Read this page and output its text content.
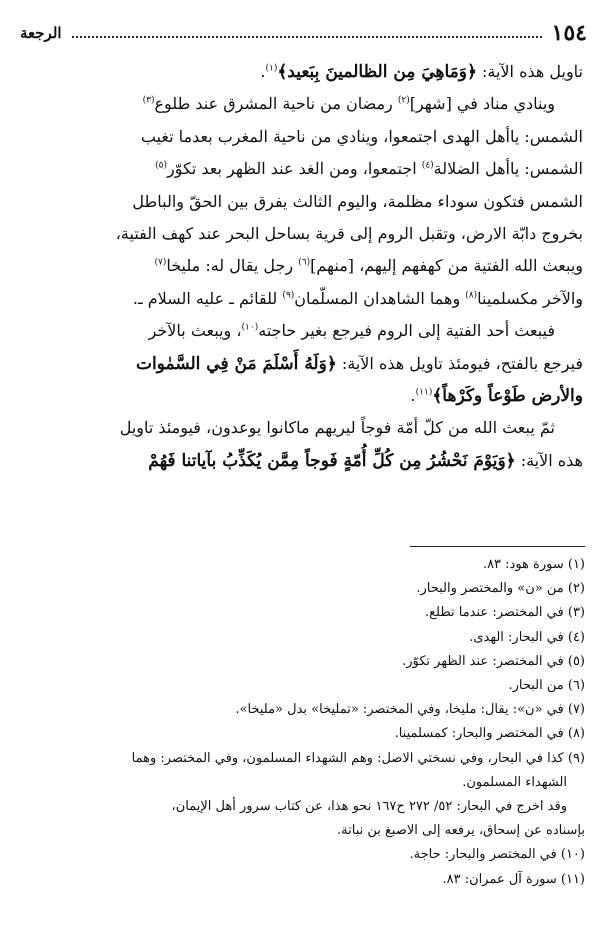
١٥٤
الرجعة

تاويل هذه الآية: ﴿وَمَاهِيَ مِن الظالمينَ بِبَعيد﴾$^{(١)}$.

وينادي مناد في [شهر]$^{(٢)}$ رمضان من ناحية المشرق عند طلوع$^{(٣)}$

الشمس: ياأهل الهدى اجتمعوا، وينادي من ناحية المغرب بعدما تغيب

الشمس: ياأهل الضلالة$^{(٤)}$ اجتمعوا، ومن الغد عند الظهر بعد تكوّر$^{(٥)}$

الشمس فتكون سوداء مظلمة، واليوم الثالث يفرق بين الحقّ والباطل

بخروج دابّة الارض، وتقبل الروم إلى قرية بساحل البحر عند كهف الفتية،

ويبعث الله الفتية من كهفهم إليهم، [منهم]$^{(٦)}$ رجل يقال له: مليخا$^{(٧)}$

والآخر مكسلمينا$^{(٨)}$ وهما الشاهدان المسلّمان$^{(٩)}$ للقائم ـ عليه السلام ـ.

فيبعث أحد الفتية إلى الروم فيرجع بغير حاجته$^{(١٠)}$، ويبعث بالآخر

فيرجع بالفتح، فيومئذ تاويل هذه الآية: ﴿وَلَهُ أَسْلَمَ مَنْ فِي السَّمٰوات

والأرض طَوْعاً وكَرْهاً﴾$^{(١١)}$.

ثمّ يبعث الله من كلّ أمّة فوجاً ليريهم ماكانوا يوعدون، فيومئذ تاويل

هذه الآية: ﴿وَيَوْمَ نَحْشُرُ مِن كُلِّ أُمّةٍ فَوجاً مِمَّن يُكَذِّبُ بآياتنا فَهُمْ

(١) سورة هود: ٨٣.

(٢) من «ن» والمختصر والبحار.

(٣) في المختصر: عندما تطلع.

(٤) في البحار: الهدى.

(٥) في المختصر: عند الظهر تكوّر.

(٦) من البحار.

(٧) في «ن»: يقال: مليخا، وفي المختصر: «تمليخا» بدل «مليخا».

(٨) في المختصر والبحار: كمسلمينا.

(٩) كذا في البحار، وفي نسختي الاصل: وهم الشهداء المسلمون، وفي المختصر: وهما

الشهداء المسلمون.

وقد اخرج في البحار: ٥٢/ ٢٧٢ ح١٦٧ نحو هذا، عن كتاب سرور أهل الإيمان،

بإسناده عن إسحاق، يرفعه إلى الاصبغ بن نباتة.

(١٠) في المختصر والبحار: حاجة.

(١١) سورة آل عمران: ٨٣.
